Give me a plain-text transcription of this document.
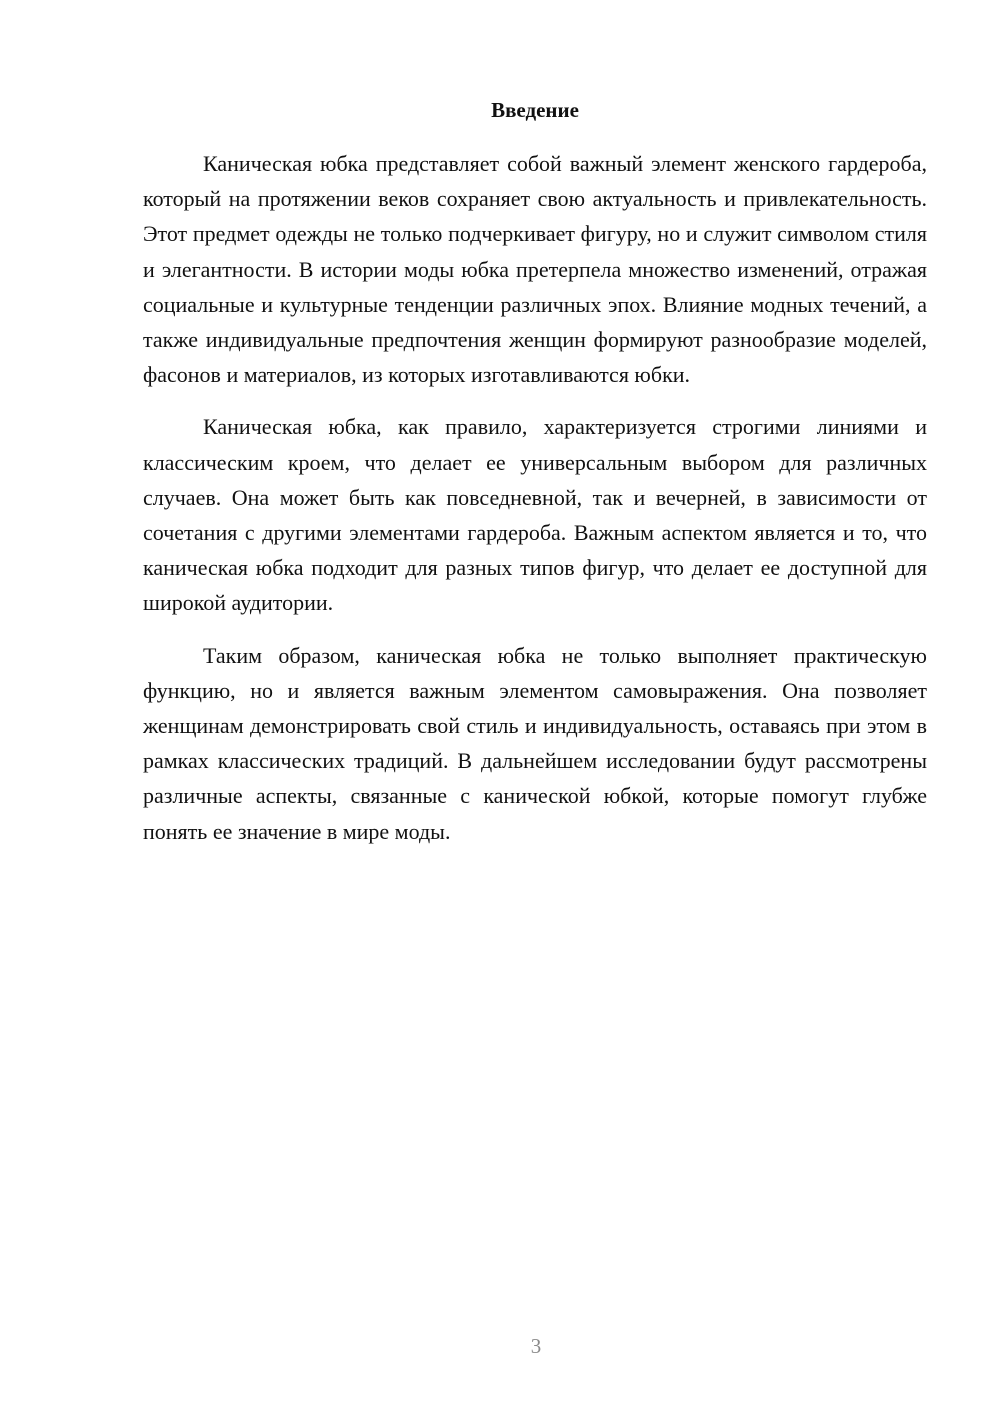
Введение

Каническая юбка представляет собой важный элемент женского гардероба, который на протяжении веков сохраняет свою актуальность и привлекательность. Этот предмет одежды не только подчеркивает фигуру, но и служит символом стиля и элегантности. В истории моды юбка претерпела множество изменений, отражая социальные и культурные тенденции различных эпох. Влияние модных течений, а также индивидуальные предпочтения женщин формируют разнообразие моделей, фасонов и материалов, из которых изготавливаются юбки.

Каническая юбка, как правило, характеризуется строгими линиями и классическим кроем, что делает ее универсальным выбором для различных случаев. Она может быть как повседневной, так и вечерней, в зависимости от сочетания с другими элементами гардероба. Важным аспектом является и то, что каническая юбка подходит для разных типов фигур, что делает ее доступной для широкой аудитории.

Таким образом, каническая юбка не только выполняет практическую функцию, но и является важным элементом самовыражения. Она позволяет женщинам демонстрировать свой стиль и индивидуальность, оставаясь при этом в рамках классических традиций. В дальнейшем исследовании будут рассмотрены различные аспекты, связанные с канической юбкой, которые помогут глубже понять ее значение в мире моды.

3
